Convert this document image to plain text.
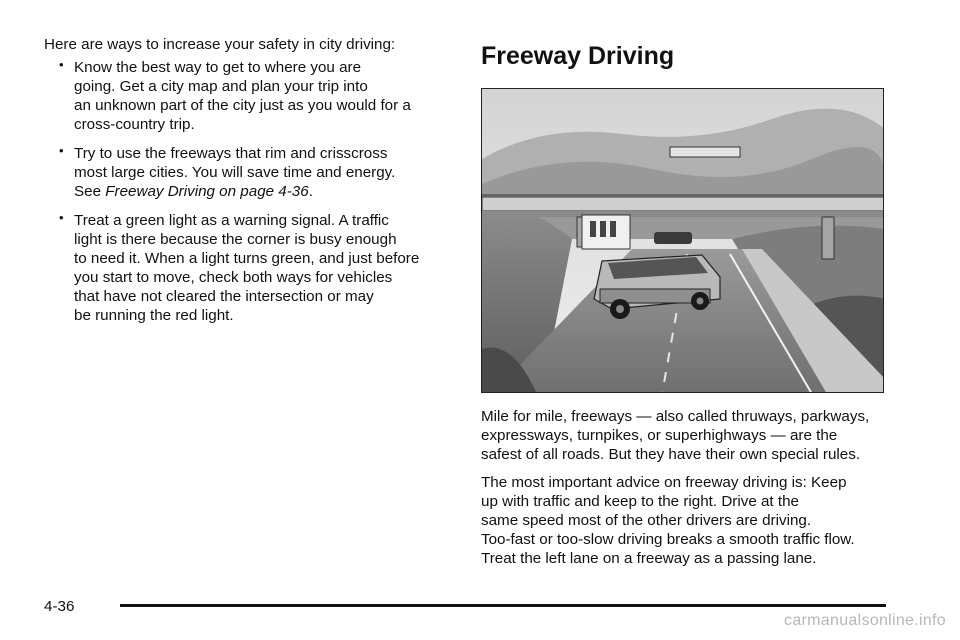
Here are ways to increase your safety in city driving:

• Know the best way to get to where you are
going. Get a city map and plan your trip into
an unknown part of the city just as you would for a
cross-country trip.
• Try to use the freeways that rim and crisscross
most large cities. You will save time and energy.
See Freeway Driving on page 4-36.
• Treat a green light as a warning signal. A traffic
light is there because the corner is busy enough
to need it. When a light turns green, and just before
you start to move, check both ways for vehicles
that have not cleared the intersection or may
be running the red light.
Freeway Driving

Mile for mile, freeways — also called thruways, parkways,
expressways, turnpikes, or superhighways — are the
safest of all roads. But they have their own special rules.

The most important advice on freeway driving is: Keep
up with traffic and keep to the right. Drive at the
same speed most of the other drivers are driving.
Too-fast or too-slow driving breaks a smooth traffic flow.
Treat the left lane on a freeway as a passing lane.

4-36
carmanualsonline.info
